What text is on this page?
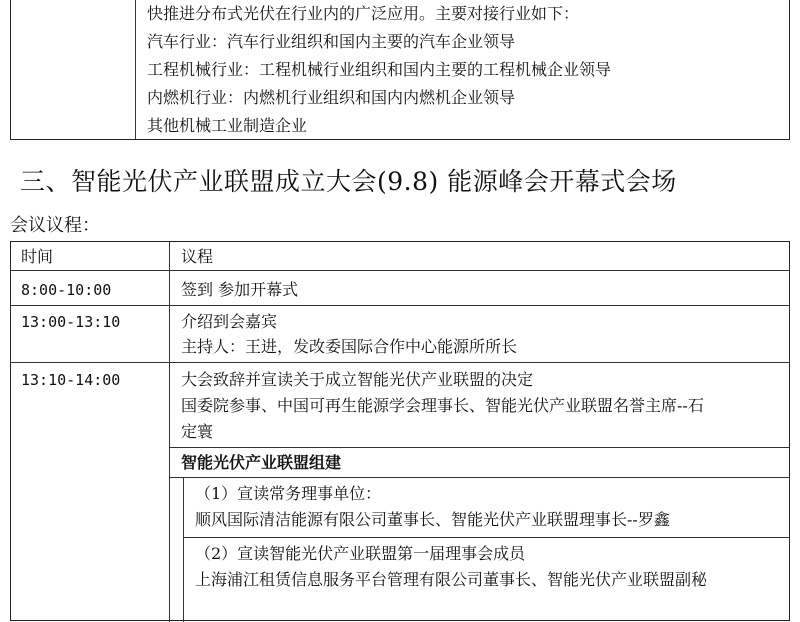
快推进分布式光伏在行业内的广泛应用。主要对接行业如下：
汽车行业：汽车行业组织和国内主要的汽车企业领导
工程机械行业：工程机械行业组织和国内主要的工程机械企业领导
内燃机行业：内燃机行业组织和国内内燃机企业领导
其他机械工业制造企业
三、智能光伏产业联盟成立大会(9.8) 能源峰会开幕式会场
会议议程：
时间	议程
8:00-10:00	签到 参加开幕式
13:00-13:10	介绍到会嘉宾
主持人：王进，发改委国际合作中心能源所所长
13:10-14:00	大会致辞并宣读关于成立智能光伏产业联盟的决定
国委院参事、中国可再生能源学会理事长、智能光伏产业联盟名誉主席--石
定寰
智能光伏产业联盟组建
（1）宣读常务理事单位：
顺风国际清洁能源有限公司董事长、智能光伏产业联盟理事长--罗鑫
（2）宣读智能光伏产业联盟第一届理事会成员
上海浦江租赁信息服务平台管理有限公司董事长、智能光伏产业联盟副秘
